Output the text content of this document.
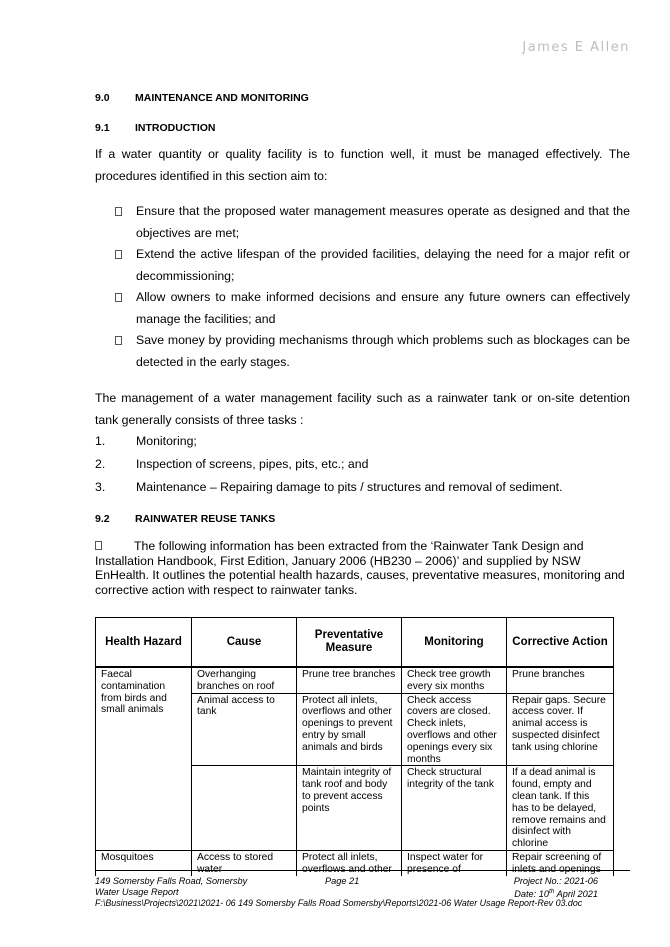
James E Allen
9.0 MAINTENANCE AND MONITORING
9.1 INTRODUCTION
If a water quantity or quality facility is to function well, it must be managed effectively. The procedures identified in this section aim to:
Ensure that the proposed water management measures operate as designed and that the objectives are met;
Extend the active lifespan of the provided facilities, delaying the need for a major refit or decommissioning;
Allow owners to make informed decisions and ensure any future owners can effectively manage the facilities; and
Save money by providing mechanisms through which problems such as blockages can be detected in the early stages.
The management of a water management facility such as a rainwater tank or on-site detention tank generally consists of three tasks :
1. Monitoring;
2. Inspection of screens, pipes, pits, etc.; and
3. Maintenance – Repairing damage to pits / structures and removal of sediment.
9.2 RAINWATER REUSE TANKS
The following information has been extracted from the ‘Rainwater Tank Design and Installation Handbook, First Edition, January 2006 (HB230 – 2006)’ and supplied by NSW EnHealth. It outlines the potential health hazards, causes, preventative measures, monitoring and corrective action with respect to rainwater tanks.
Health Hazard	Cause	Preventative Measure	Monitoring	Corrective Action
Faecal contamination from birds and small animals	Overhanging branches on roof	Prune tree branches	Check tree growth every six months	Prune branches
	Animal access to tank	Protect all inlets, overflows and other openings to prevent entry by small animals and birds	Check access covers are closed. Check inlets, overflows and other openings every six months	Repair gaps. Secure access cover. If animal access is suspected disinfect tank using chlorine
		Maintain integrity of tank roof and body to prevent access points	Check structural integrity of the tank	If a dead animal is found, empty and clean tank. If this has to be delayed, remove remains and disinfect with chlorine
Mosquitoes	Access to stored water	Protect all inlets, overflows and other	Inspect water for presence of	Repair screening of inlets and openings
149 Somersby Falls Road, Somersby	Page 21	Project No.: 2021-06
Water Usage Report	Date: 10th April 2021
F:\Business\Projects\2021\2021- 06 149 Somersby Falls Road Somersby\Reports\2021-06 Water Usage Report-Rev 03.doc
